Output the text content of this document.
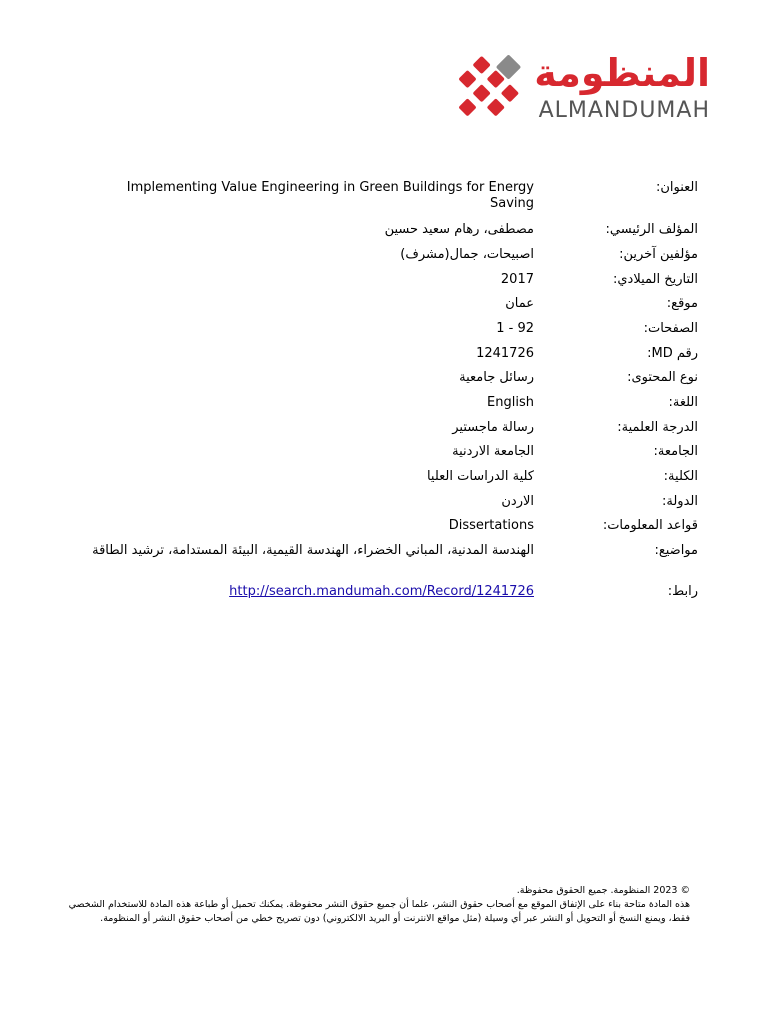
المنظومة
ALMANDUMAH
العنوان:
Implementing Value Engineering in Green Buildings for Energy Saving
المؤلف الرئيسي:
مصطفى، رهام سعيد حسين
مؤلفين آخرين:
اصبيحات، جمال(مشرف)
التاريخ الميلادي:
2017
موقع:
عمان
الصفحات:
1 - 92
رقم MD:
1241726
نوع المحتوى:
رسائل جامعية
اللغة:
English
الدرجة العلمية:
رسالة ماجستير
الجامعة:
الجامعة الاردنية
الكلية:
كلية الدراسات العليا
الدولة:
الاردن
قواعد المعلومات:
Dissertations
مواضيع:
الهندسة المدنية، المباني الخضراء، الهندسة القيمية، البيئة المستدامة، ترشيد الطاقة
رابط:
http://search.mandumah.com/Record/1241726
© 2023 المنظومة. جميع الحقوق محفوظة.
هذه المادة متاحة بناء على الإتفاق الموقع مع أصحاب حقوق النشر، علما أن جميع حقوق النشر محفوظة. يمكنك تحميل أو طباعة هذه المادة للاستخدام الشخصي فقط، ويمنع النسخ أو التحويل أو النشر عبر أي وسيلة (مثل مواقع الانترنت أو البريد الالكتروني) دون تصريح خطي من أصحاب حقوق النشر أو المنظومة.
